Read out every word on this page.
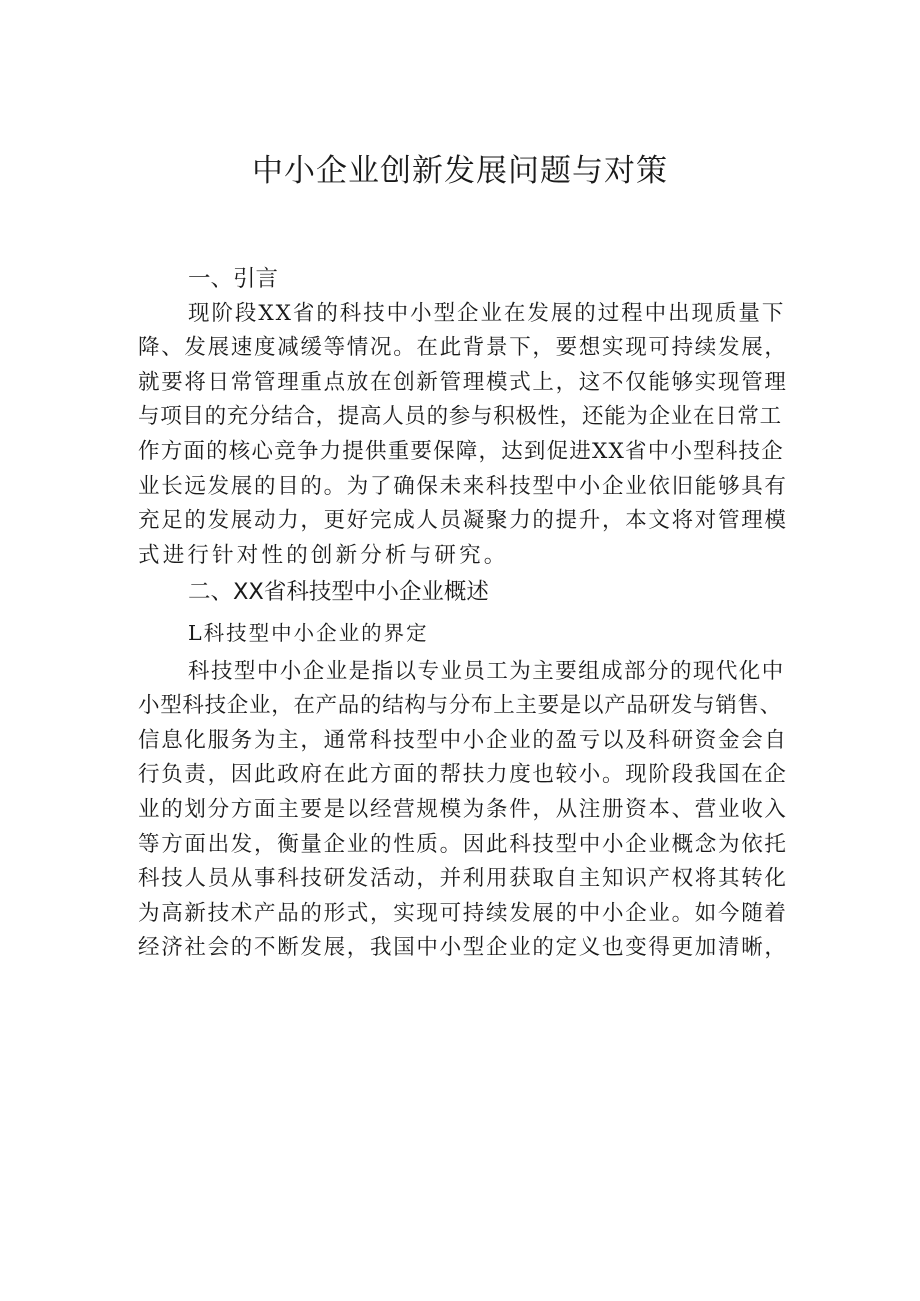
中小企业创新发展问题与对策
一、引言
现阶段XX省的科技中小型企业在发展的过程中出现质量下
降、发展速度减缓等情况。在此背景下，要想实现可持续发展，
就要将日常管理重点放在创新管理模式上，这不仅能够实现管理
与项目的充分结合，提高人员的参与积极性，还能为企业在日常工
作方面的核心竞争力提供重要保障，达到促进XX省中小型科技企
业长远发展的目的。为了确保未来科技型中小企业依旧能够具有
充足的发展动力，更好完成人员凝聚力的提升，本文将对管理模
式进行针对性的创新分析与研究。
二、XX省科技型中小企业概述
L科技型中小企业的界定
科技型中小企业是指以专业员工为主要组成部分的现代化中
小型科技企业，在产品的结构与分布上主要是以产品研发与销售、
信息化服务为主，通常科技型中小企业的盈亏以及科研资金会自
行负责，因此政府在此方面的帮扶力度也较小。现阶段我国在企
业的划分方面主要是以经营规模为条件，从注册资本、营业收入
等方面出发，衡量企业的性质。因此科技型中小企业概念为依托
科技人员从事科技研发活动，并利用获取自主知识产权将其转化
为高新技术产品的形式，实现可持续发展的中小企业。如今随着
经济社会的不断发展，我国中小型企业的定义也变得更加清晰，
